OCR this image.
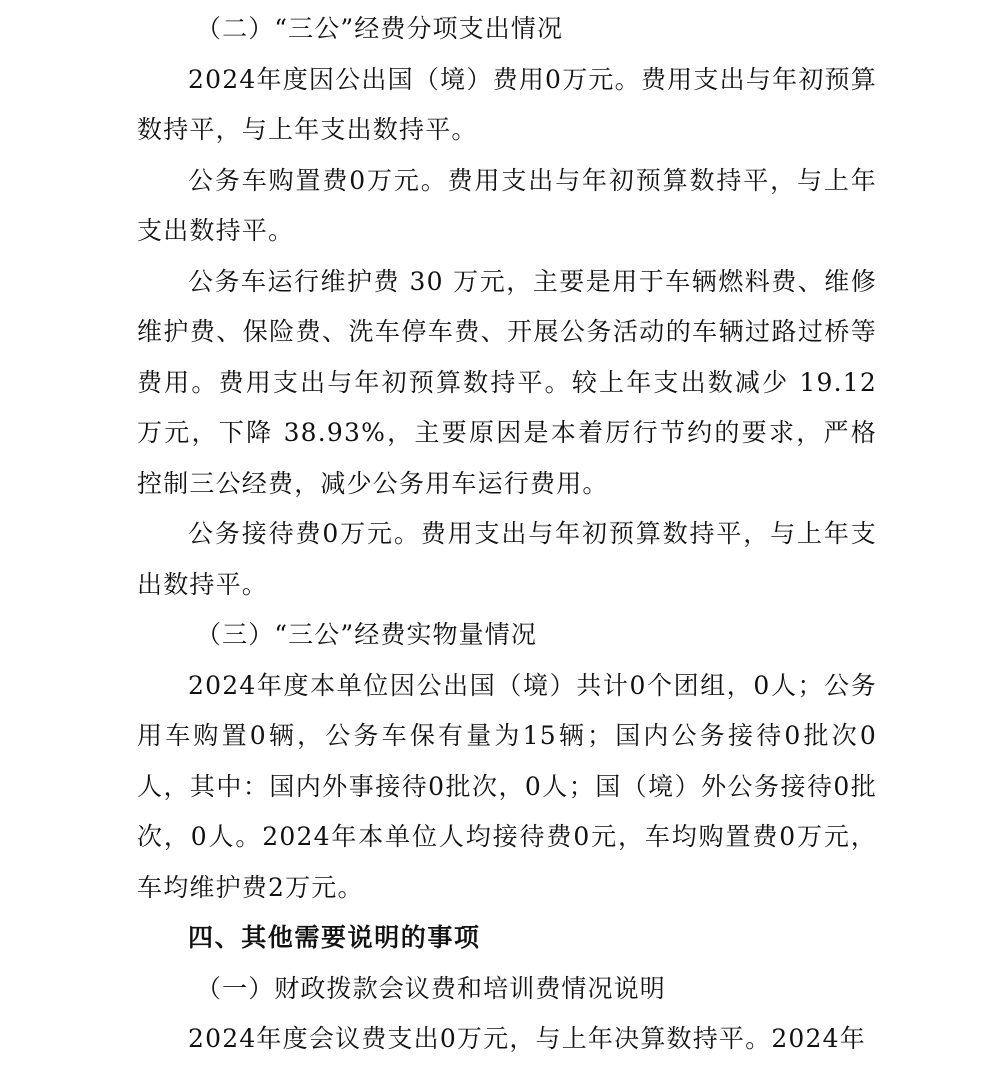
（二）“三公”经费分项支出情况

2024年度因公出国（境）费用0万元。费用支出与年初预算数持平，与上年支出数持平。

公务车购置费0万元。费用支出与年初预算数持平，与上年支出数持平。

公务车运行维护费 30 万元，主要是用于车辆燃料费、维修维护费、保险费、洗车停车费、开展公务活动的车辆过路过桥等费用。费用支出与年初预算数持平。较上年支出数减少 19.12 万元，下降 38.93%，主要原因是本着厉行节约的要求，严格控制三公经费，减少公务用车运行费用。

公务接待费0万元。费用支出与年初预算数持平，与上年支出数持平。

（三）“三公”经费实物量情况

2024年度本单位因公出国（境）共计0个团组，0人；公务用车购置0辆，公务车保有量为15辆；国内公务接待0批次0人，其中：国内外事接待0批次，0人；国（境）外公务接待0批次，0人。2024年本单位人均接待费0元，车均购置费0万元，车均维护费2万元。

四、其他需要说明的事项

（一）财政拨款会议费和培训费情况说明

2024年度会议费支出0万元，与上年决算数持平。2024年
